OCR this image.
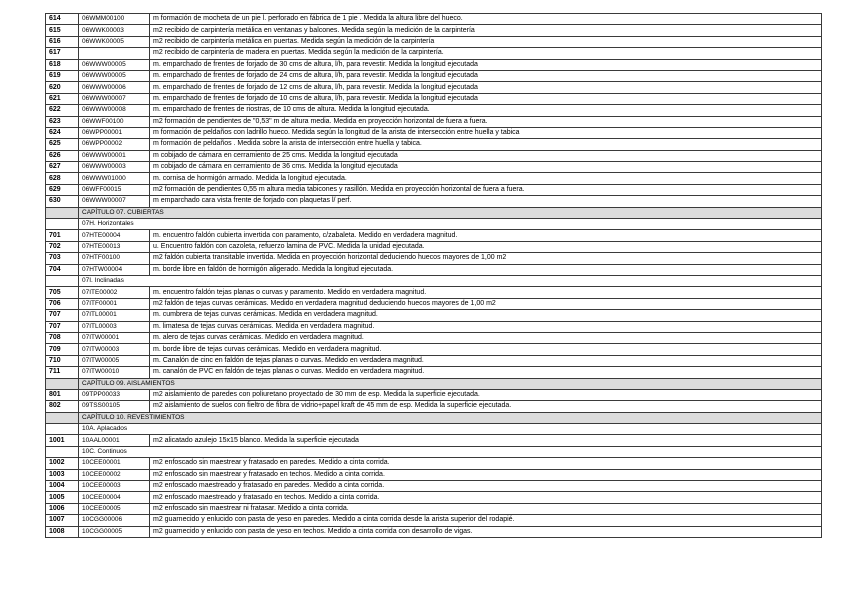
614	06WMM00100	m formación de mocheta de un pie l. perforado en fábrica de 1 pie . Medida la altura libre del hueco.
615	06WWK00003	m2 recibido de carpintería metálica en ventanas y balcones. Medida según la medición de la carpintería
616	06WWK00005	m2 recibido de carpintería metálica en puertas. Medida según la medición de la carpintería
617		m2 recibido de carpintería de madera en puertas. Medida según la medición de la carpintería.
618	06WWW00005	m. emparchado de frentes de forjado de 30 cms de altura, l/h, para revestir. Medida la longitud ejecutada
619	06WWW00005	m. emparchado de frentes de forjado de 24 cms de altura, l/h, para revestir. Medida la longitud ejecutada
620	06WWW00006	m. emparchado de frentes de forjado de 12 cms de altura, l/h, para revestir. Medida la longitud ejecutada
621	06WWW00007	m. emparchado de frentes de forjado de 10 cms de altura, l/h, para revestir. Medida la longitud ejecutada
622	06WWW00008	m. emparchado de frentes de riostras, de 10 cms de altura. Medida la longitud ejecutada.
623	06WWF00100	m2 formación de pendientes de "0,53" m de altura media. Medida en proyección horizontal de fuera a fuera.
624	06WPP00001	m formación de peldaños con ladrillo hueco. Medida según la longitud de la arista de intersección entre huella y tabica
625	06WPP00002	m formación de peldaños . Medida sobre la arista de intersección entre huella y tabica.
626	06WWW00001	m cobijado de cámara en cerramiento de 25 cms. Medida la longitud ejecutada
627	06WWW00003	m cobijado de cámara en cerramiento de 36 cms. Medida la longitud ejecutada
628	06WWW01000	m. cornisa de hormigón armado. Medida la longitud ejecutada.
629	06WFF00015	m2 formación de pendientes 0,55 m altura media tabicones y rasillón. Medida en proyección horizontal de fuera a fuera.
630	06WWW00007	m emparchado cara vista frente de forjado con plaquetas l/ perf.
	CAPÍTULO 07. CUBIERTAS	
	07H. Horizontales	
701	07HTE00004	m. encuentro faldón cubierta invertida con paramento, c/zabaleta. Medido en verdadera magnitud.
702	07HTE00013	u. Encuentro faldón con cazoleta, refuerzo lamina de PVC. Medida la unidad ejecutada.
703	07HTF00100	m2 faldón cubierta transitable invertida. Medida en proyección horizontal deduciendo huecos mayores de 1,00 m2
704	07HTW00004	m. borde libre en faldón de hormigón aligerado. Medida la longitud ejecutada.
	07I. Inclinadas	
705	07ITE00002	m. encuentro faldón tejas planas o curvas y paramento. Medido en verdadera magnitud.
706	07ITF00001	m2 faldón de tejas curvas cerámicas. Medido en verdadera magnitud deduciendo huecos mayores de 1,00 m2
707	07ITL00001	m. cumbrera de tejas curvas cerámicas. Medida en verdadera magnitud.
707	07ITL00003	m. limatesa de tejas curvas cerámicas. Medida en verdadera magnitud.
708	07ITW00001	m. alero de tejas curvas cerámicas. Medido en verdadera magnitud.
709	07ITW00003	m. borde libre de tejas curvas cerámicas. Medido en verdadera magnitud.
710	07ITW00005	m. Canalón de cinc en faldón de tejas planas o curvas. Medido en verdadera magnitud.
711	07ITW00010	m. canalón de PVC en faldón de tejas planas o curvas. Medido en verdadera magnitud.
	CAPÍTULO 09. AISLAMIENTOS	
801	09TPP00033	m2 aislamiento de paredes con poliuretano proyectado de 30 mm de esp. Medida la superficie ejecutada.
802	09TSS00105	m2 aislamiento de suelos con fieltro de fibra de vidrio+papel kraft de 45 mm de esp. Medida la superficie ejecutada.
	CAPÍTULO 10. REVESTIMIENTOS	
	10A. Aplacados	
1001	10AAL00001	m2 alicatado azulejo 15x15 blanco. Medida la superficie ejecutada
	10C. Continuos	
1002	10CEE00001	m2 enfoscado sin maestrear y fratasado en paredes. Medido a cinta corrida.
1003	10CEE00002	m2 enfoscado sin maestrear y fratasado en techos. Medido a cinta corrida.
1004	10CEE00003	m2 enfoscado maestreado y fratasado en paredes. Medido a cinta corrida.
1005	10CEE00004	m2 enfoscado maestreado y fratasado en techos. Medido a cinta corrida.
1006	10CEE00005	m2 enfoscado sin maestrear ni fratasar. Medido a cinta corrida.
1007	10CGG00006	m2 guarnecido y enlucido con pasta de yeso en paredes. Medido a cinta corrida desde la arista superior del rodapié.
1008	10CGG00005	m2 guarnecido y enlucido con pasta de yeso en techos. Medido a cinta corrida con desarrollo de vigas.
